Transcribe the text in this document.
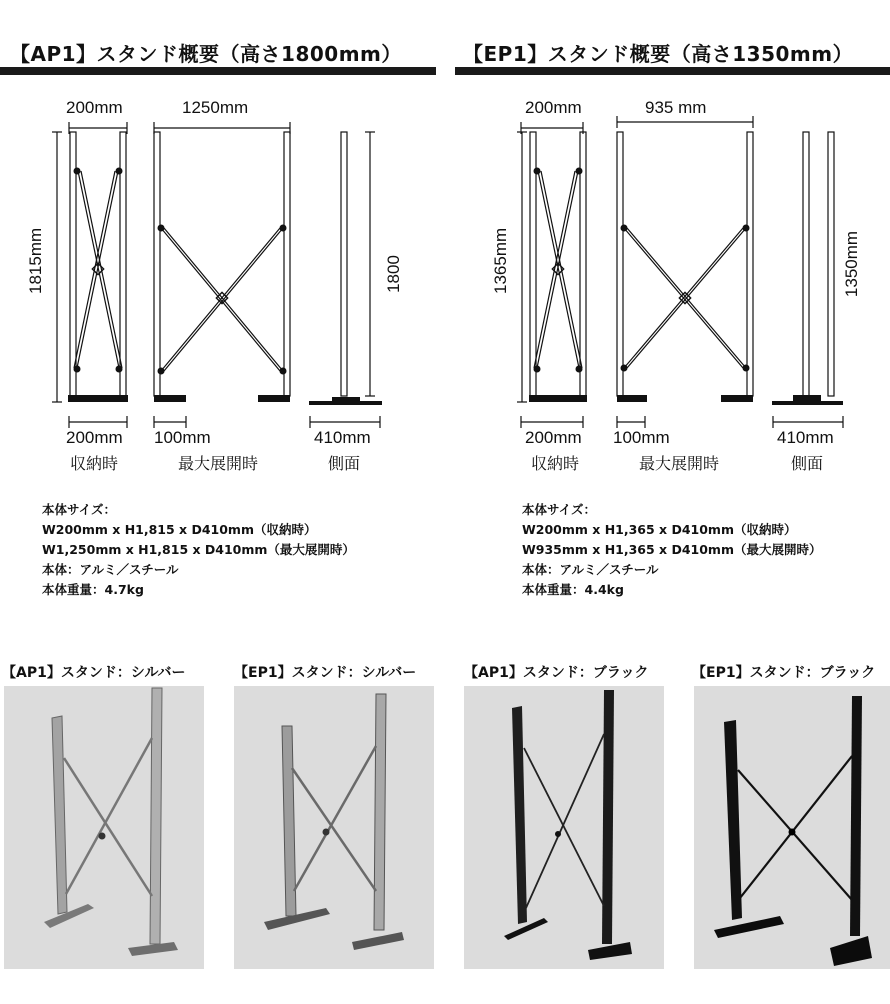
【AP1】スタンド概要（高さ1800mm）	【EP1】スタンド概要（高さ1350mm）
200mm	1250mm
1815mm	1800
200mm 100mm	410mm
収納時	最大展開時	側面
200mm	935 mm
1365mm	1350mm
200mm 100mm	410mm
収納時	最大展開時	側面
本体サイズ：
W200mm x H1,815 x D410mm（収納時）
W1,250mm x H1,815 x D410mm（最大展開時）
本体：アルミ／スチール
本体重量：4.7kg
本体サイズ：
W200mm x H1,365 x D410mm（収納時）
W935mm x H1,365 x D410mm（最大展開時）
本体：アルミ／スチール
本体重量：4.4kg
【AP1】スタンド：シルバー	【EP1】スタンド：シルバー	【AP1】スタンド：ブラック	【EP1】スタンド：ブラック
